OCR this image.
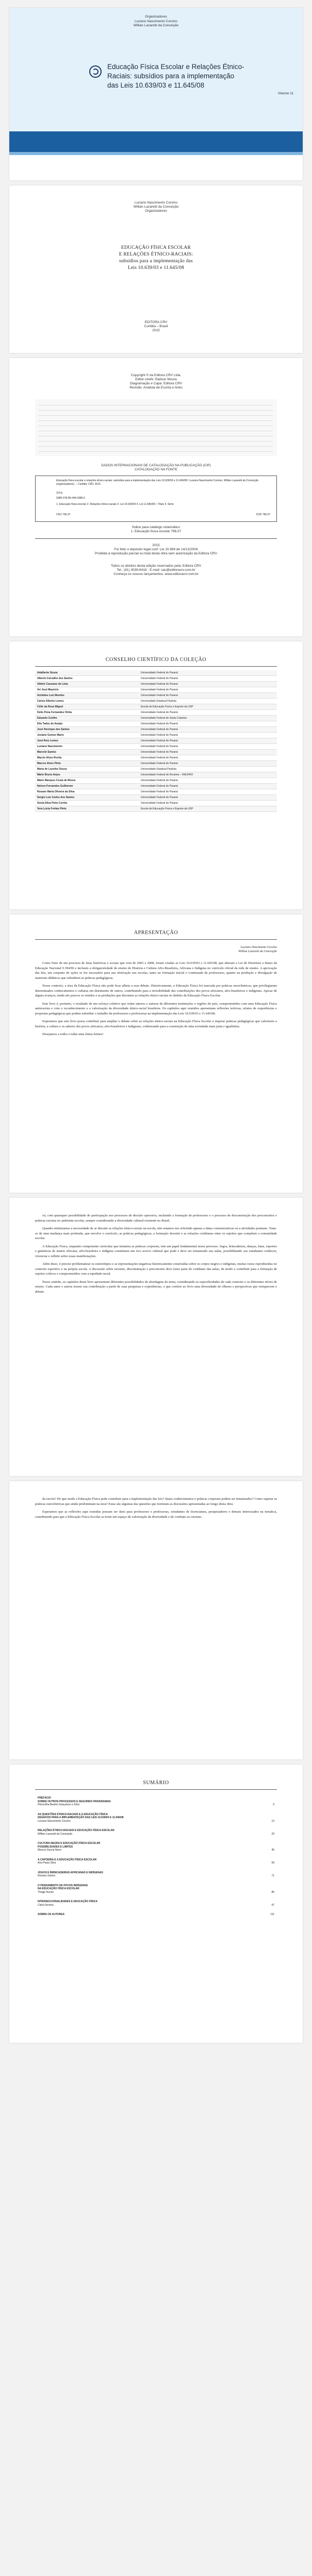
Organizadores
Luciano Nascimento Corsino
Willian Lazaretti da Conceição
Educação Física Escolar e Relações Étnico-Raciais: subsídios para a implementação das Leis 10.639/03 e 11.645/08
Volume 11
Luciano Nascimento Corsino
Willian Lazaretti da Conceição
Organizadores
EDUCAÇÃO FÍSICA ESCOLAR
E RELAÇÕES ÉTNICO-RACIAIS:
subsídios para a implementação das
Leis 10.639/03 e 11.645/08
EDITORA CRV
Curitiba – Brasil
2015
Copyright © da Editora CRV Ltda.
Editor-chefe: Railson Moura
Diagramação e Capa: Editora CRV
Revisão: Analista de Escrita e Artes
DADOS INTERNACIONAIS DE CATALOGAÇÃO NA PUBLICAÇÃO (CIP)
CATALOGAÇÃO NA FONTE
Educação física escolar e relações étnico-raciais: subsídios para a implementação das Leis 10.639/03 e 11.645/08 / Luciano Nascimento Corsino, Willian Lazaretti da Conceição (organizadores). – Curitiba: CRV, 2015.
114 p.
ISBN 978-85-444-0386-6
1. Educação física escolar 2. Relações étnico-raciais 3. Lei 10.639/03 4. Lei 11.645/08 I. Título II. Série
CDU 796:37	CDD 796.07
Índice para catálogo sistemático
1. Educação física escolar 796.07
2015
Foi feito o depósito legal conf. Lei 10.994 de 14/12/2004
Proibida a reprodução parcial ou total desta obra sem autorização da Editora CRV
Todos os direitos desta edição reservados pela: Editora CRV
Tel.: (41) 3039-6418 - E-mail: sac@editoracrv.com.br
Conheça os nossos lançamentos: www.editoracrv.com.br
CONSELHO CIENTÍFICO DA COLEÇÃO
Adalberto Souza	Universidade Federal do Paraná
Alberto Carvalho dos Santos	Universidade Federal do Paraná
Aldmir Cassiano de Lima	Universidade Federal do Paraná
Ari José Maurício	Universidade Federal do Paraná
Aristides Luiz Mendes	Universidade Federal do Paraná
Carlos Alberto Lemos	Universidade Estadual Paulista
Célio da Rosa Miguel	Escola de Educação Física e Esporte da USP
Delio Pena Fernandes Vinha	Universidade Federal do Paraná
Eduardo Coelho	Universidade Federal de Santa Catarina
Elio Tadeu de Araújo	Universidade Federal do Paraná
José Henrique dos Santos	Universidade Federal do Paraná
Josiane Gomes Mario	Universidade Federal do Paraná
José Ruiz Lemos	Universidade Federal do Paraná
Luciano Nascimento	Universidade Federal do Paraná
Marcelo Santos	Universidade Federal do Paraná
Marcio Alves Rocha	Universidade Federal do Paraná
Marcos Alves Pinto	Universidade Federal do Paraná
Maria de Lourdes Souza	Universidade Estadual Paulista
Mário Bruno Anjos	Universidade Federal de Roraima – RAUFRO
Mário Marques Costa de Moura	Universidade Federal do Paraná
Nelson Fernandes Guilherme	Universidade Federal do Paraná
Rosane Maria Oliveira da Silva	Universidade Federal do Paraná
Sergio Luiz Carlos dos Santos	Universidade Federal do Paraná
Sonia Silva Pinto Corrêa	Universidade Federal do Paraná
Vera Lúcia Freitas Pinto	Escola de Educação Física e Esporte da USP
APRESENTAÇÃO
Luciano Nascimento Corsino
Willian Lazaretti da Conceição

Como fruto de um processo de lutas históricas e sociais que vem de 2003 e 2008, foram criadas as Leis 10.639/03 e 11.645/08, que alteram a Lei de Diretrizes e Bases da Educação Nacional 9.394/96 e incluem a obrigatoriedade do ensino de História e Cultura Afro-Brasileira, Africana e Indígena no currículo oficial da rede de ensino. A aprovação das leis, um conjunto de ações se fez necessário para sua efetivação nas escolas, tanto na formação inicial e continuada de professores, quanto na produção e divulgação de materiais didáticos que subsidiem as práticas pedagógicas.

Nesse contexto, a área da Educação Física não pode ficar alheia a esse debate. Historicamente, a Educação Física foi marcada por práticas eurocêntricas, que privilegiaram determinados conhecimentos e culturas em detrimento de outros, contribuindo para a invisibilidade das contribuições dos povos africanos, afro-brasileiros e indígenas. Apesar de alguns avanços, ainda são poucos os estudos e as produções que discutem as relações étnico-raciais no âmbito da Educação Física Escolar.

Este livro é, portanto, o resultado de um esforço coletivo que reúne autores e autoras de diferentes instituições e regiões do país, comprometidos com uma Educação Física antirracista e com o reconhecimento e a valorização da diversidade étnico-racial brasileira. Os capítulos aqui reunidos apresentam reflexões teóricas, relatos de experiências e propostas pedagógicas que podem subsidiar o trabalho de professores e professoras na implementação das Leis 10.639/03 e 11.645/08.

Esperamos que este livro possa contribuir para ampliar o debate sobre as relações étnico-raciais na Educação Física Escolar e inspirar práticas pedagógicas que valorizem a história, a cultura e os saberes dos povos africanos, afro-brasileiros e indígenas, colaborando para a construção de uma sociedade mais justa e igualitária.

Desejamos a todos e todas uma ótima leitura!

vá, com quaisquer possibilidade de participação nos processos de decisão opressiva, incluindo a formação de professores e o processo de desconstrução dos preconceitos e práticas racistas no ambiente escolar, sempre considerando a diversidade cultural existente no Brasil.

Quando enfatizamos a necessidade de se discutir as relações étnico-raciais na escola, não estamos nos referindo apenas a datas comemorativas ou a atividades pontuais. Trata-se de uma mudança mais profunda, que envolve o currículo, as práticas pedagógicas, a formação docente e as relações cotidianas entre os sujeitos que compõem a comunidade escolar.

A Educação Física, enquanto componente curricular que tematiza as práticas corporais, tem um papel fundamental nesse processo. Jogos, brincadeiras, danças, lutas, esportes e ginásticas de matriz africana, afro-brasileira e indígena constituem um rico acervo cultural que pode e deve ser tematizado nas aulas, possibilitando aos estudantes conhecer, vivenciar e refletir sobre essas manifestações.

Além disso, é preciso problematizar os estereótipos e as representações negativas historicamente construídas sobre os corpos negros e indígenas, muitas vezes reproduzidas no contexto esportivo e na própria escola. A discussão sobre racismo, discriminação e preconceito deve fazer parte do cotidiano das aulas, de modo a contribuir para a formação de sujeitos críticos e comprometidos com a equidade racial.

Nesse sentido, os capítulos deste livro apresentam diferentes possibilidades de abordagem do tema, considerando as especificidades de cada contexto e os diferentes níveis de ensino. Cada autor e autora trouxe sua contribuição a partir de suas pesquisas e experiências, o que confere ao livro uma diversidade de olhares e perspectivas que enriquecem o debate.

da escola? De que modo a Educação Física pode contribuir para a implementação das leis? Quais conhecimentos e práticas corporais podem ser tematizados? Como superar as práticas eurocêntricas que ainda predominam na área? Estas são algumas das questões que norteiam as discussões apresentadas ao longo desta obra.

Esperamos que as reflexões aqui reunidas possam ser úteis para professores e professoras, estudantes de licenciatura, pesquisadores e demais interessados na temática, contribuindo para que a Educação Física Escolar se torne um espaço de valorização da diversidade e de combate ao racismo.

SUMÁRIO
PREFÁCIO
SOBRE OUTROS PROCESSOS E SEGUINDO PARADIGMAS
Petronilha Beatriz Gonçalves e Silva	9
AS QUESTÕES ÉTNICO-RACIAIS E A EDUCAÇÃO FÍSICA
DESAFIOS PARA A IMPLEMENTAÇÃO DAS LEIS 10.639/03 E 11.645/08
Luciano Nascimento Corsino	13
RELAÇÕES ÉTNICO-RACIAIS E EDUCAÇÃO FÍSICA ESCOLAR
Willian Lazaretti da Conceição	29
CULTURA NEGRA E EDUCAÇÃO FÍSICA ESCOLAR
POSSIBILIDADES E LIMITES
Marcos Garcia Neira	45
A CAPOEIRA E A EDUCAÇÃO FÍSICA ESCOLAR
Ana Paula Silva	59
JOGOS E BRINCADEIRAS AFRICANAS E INDÍGENAS
Rosana Santos	71
O PENSAMENTO DE POVOS INDÍGENAS
NA EDUCAÇÃO FÍSICA ESCOLAR
Thiago Nunes	85
INTERSECCIONALIDADES E EDUCAÇÃO FÍSICA
Carla Ferreira	97
SOBRE OS AUTORES	111
